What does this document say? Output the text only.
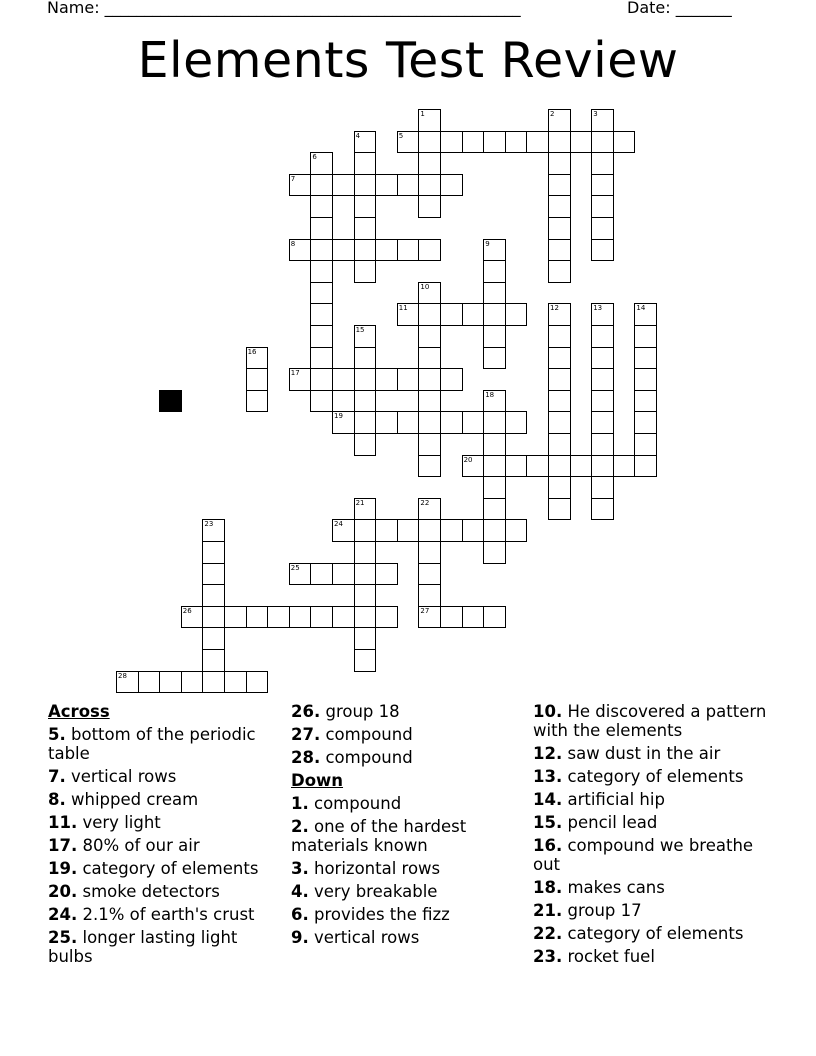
Name: ____________________________________________________	Date: _______
Elements Test Review
1	2	3
4	5
6
7
8	9
10
11	12	13	14
15
16
17
18
19
20
21	22
27
23	24
25
26
28
Across
5. bottom of the periodic table
7. vertical rows
8. whipped cream
11. very light
17. 80% of our air
19. category of elements
20. smoke detectors
24. 2.1% of earth's crust
25. longer lasting light bulbs
26. group 18
27. compound
28. compound
Down
1. compound
2. one of the hardest materials known
3. horizontal rows
4. very breakable
6. provides the fizz
9. vertical rows
10. He discovered a pattern with the elements
12. saw dust in the air
13. category of elements
14. artificial hip
15. pencil lead
16. compound we breathe out
18. makes cans
21. group 17
22. category of elements
23. rocket fuel
